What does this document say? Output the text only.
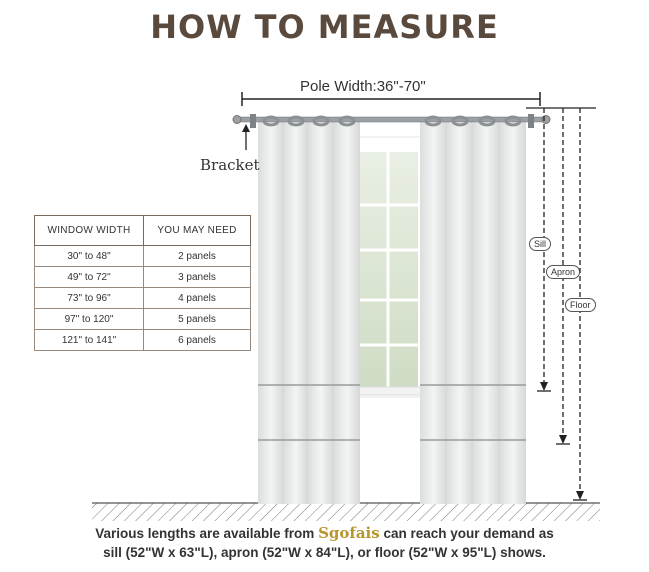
HOW TO MEASURE
Pole Width:36"-70"
Bracket
Sill
Apron
Floor
WINDOW WIDTH	YOU MAY NEED
30" to 48"	2 panels
49" to 72"	3 panels
73" to 96"	4 panels
97" to 120"	5 panels
121" to 141"	6 panels
Various lengths are available from Sgofais can reach your demand as
sill (52"W x 63"L), apron (52"W x 84"L), or floor (52"W x 95"L) shows.
